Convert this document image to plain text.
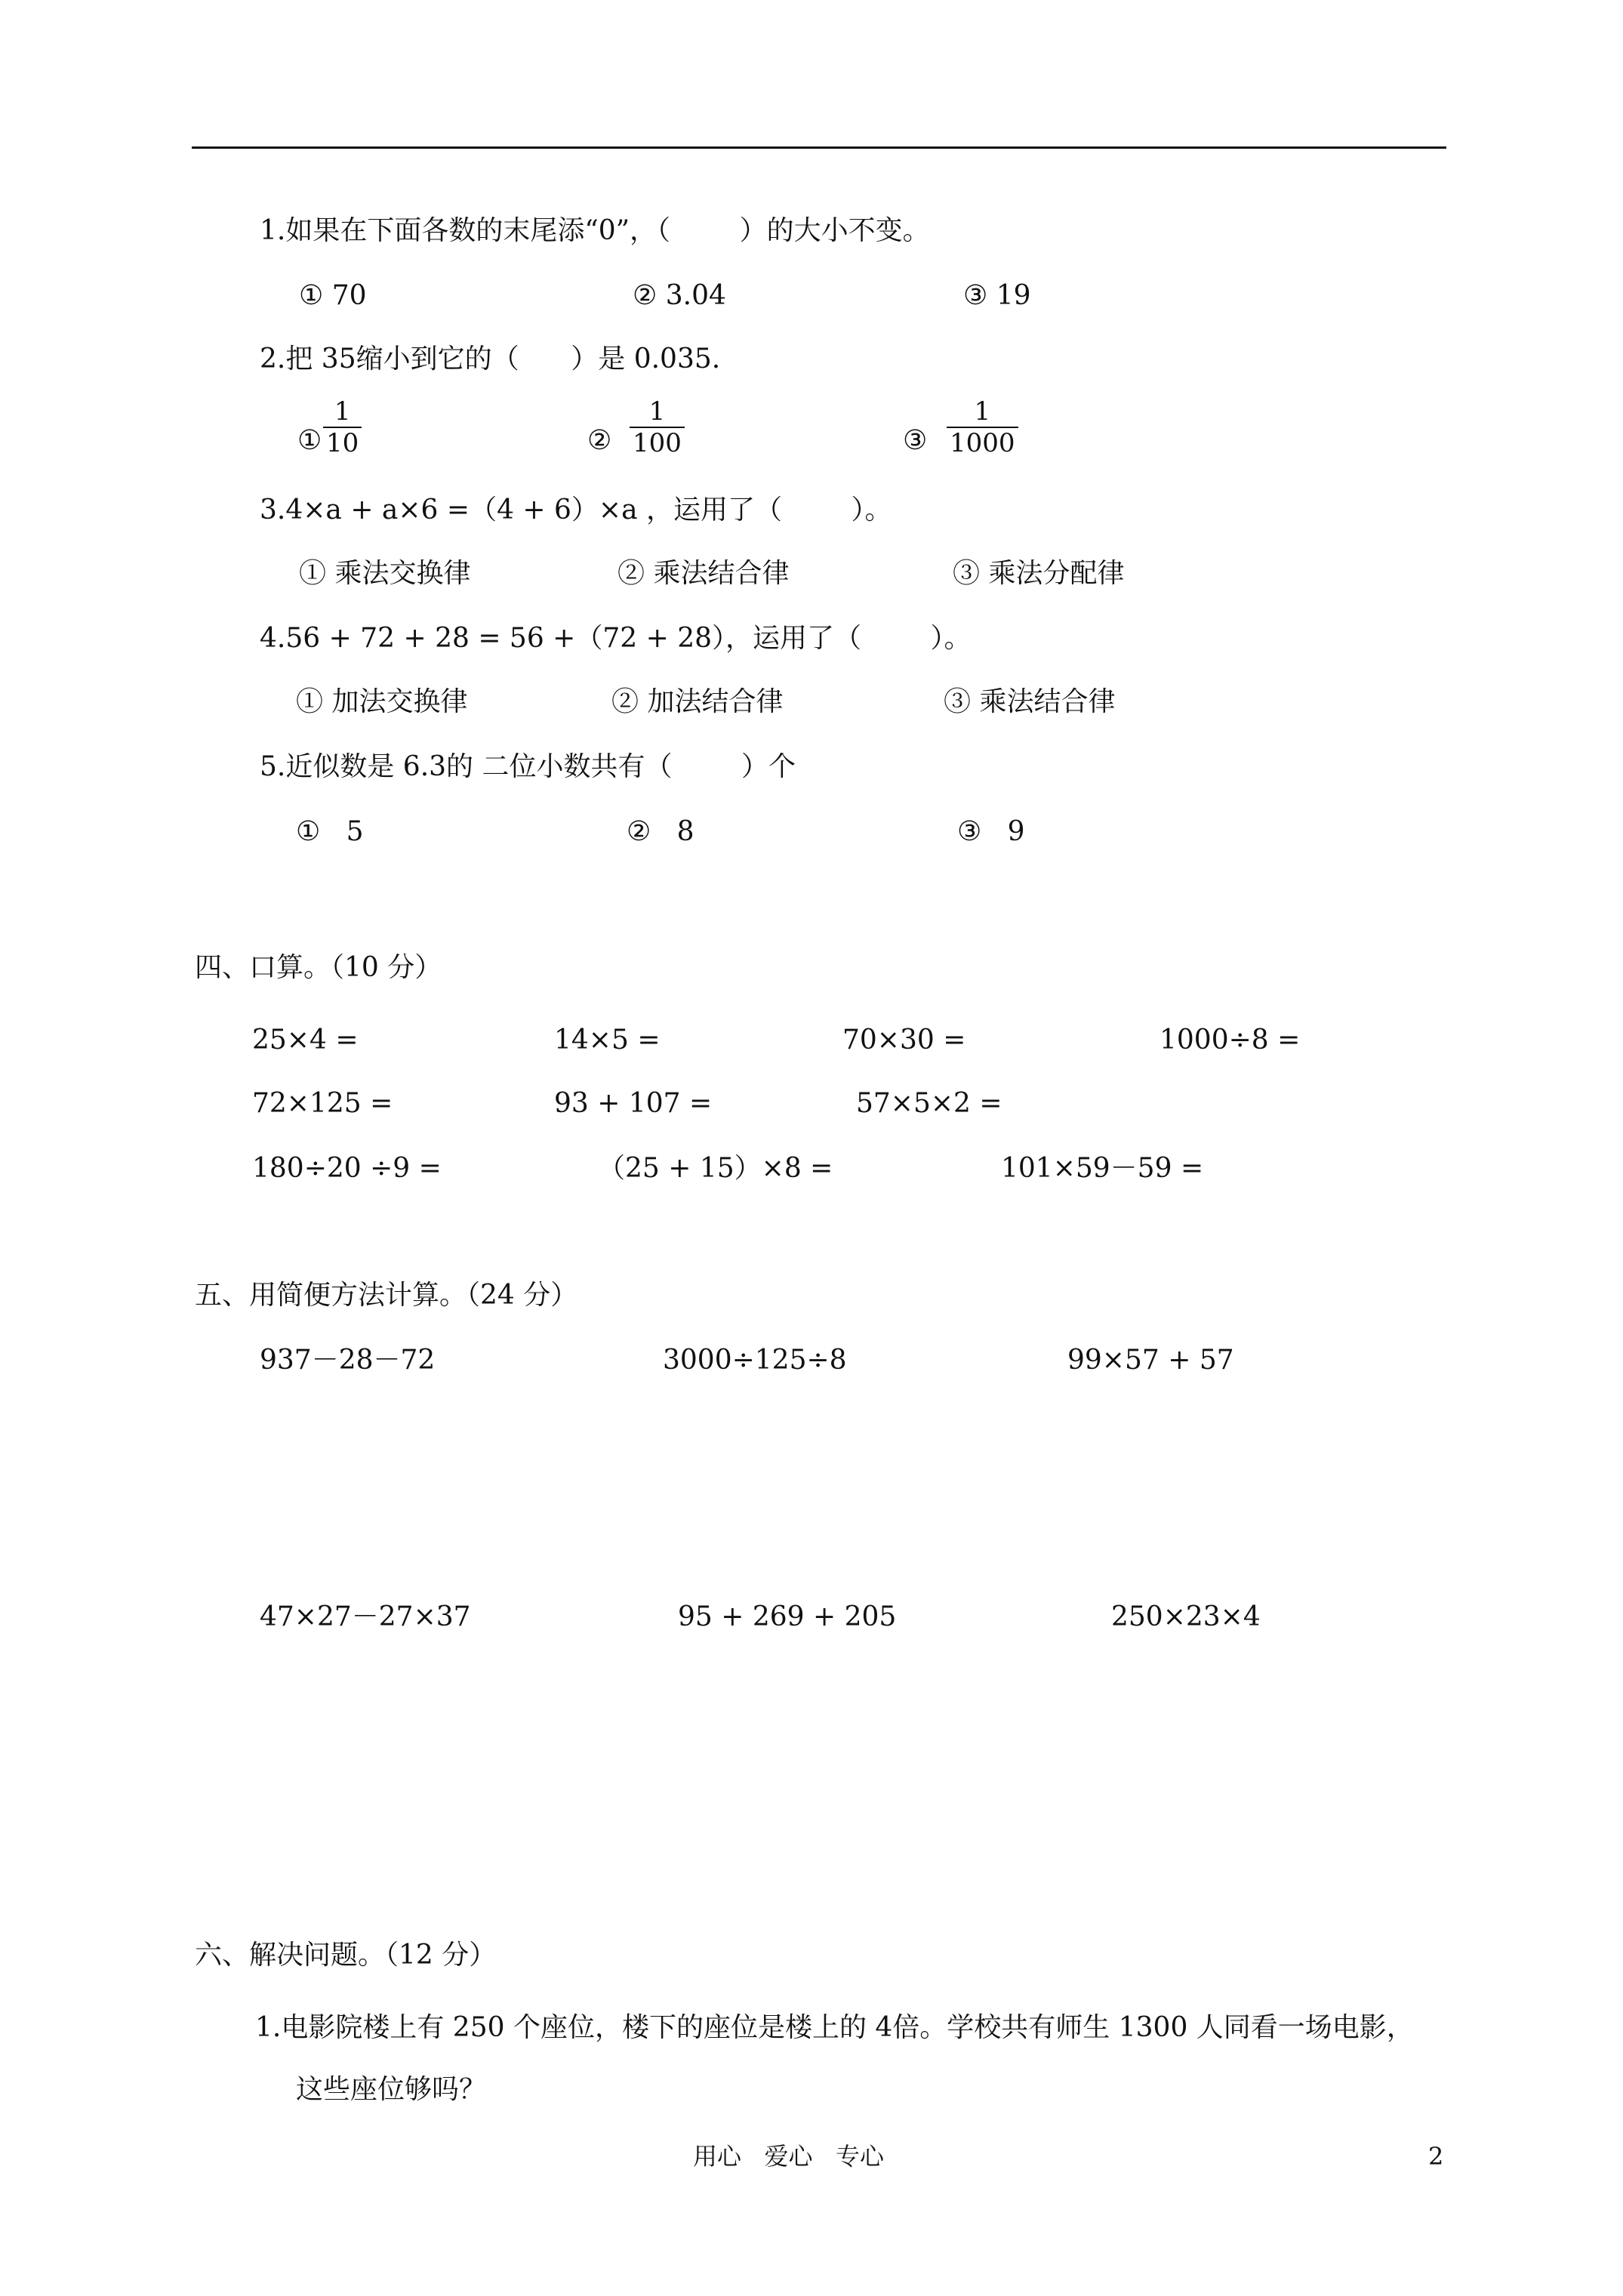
1.如果在下面各数的末尾添“0”，（        ）的大小不变。
① 70	② 3.04	③ 19
2.把 35缩小到它的（      ）是 0.035.
①
1
10	②
1
100	③
1
1000
3.4×a + a×6 =（4 + 6）×a ，运用了（        ）。
① 乘法交换律	② 乘法结合律	③ 乘法分配律
4.56 + 72 + 28 = 56 +（72 + 28），运用了（        ）。
① 加法交换律	② 加法结合律	③ 乘法结合律
5.近似数是 6.3的 二位小数共有（        ）个
①   5	②   8	③   9
四、口算。（10 分）
25×4 =	14×5 =	70×30 =	1000÷8 =
72×125 =	93 + 107 =	57×5×2 =
180÷20 ÷9 =	（25 + 15）×8 =	101×59－59 =
五、用简便方法计算。（24 分）
937－28－72	3000÷125÷8	99×57 + 57
47×27－27×37	95 + 269 + 205	250×23×4
六、解决问题。（12 分）
1.电影院楼上有 250 个座位，楼下的座位是楼上的 4倍。学校共有师生 1300 人同看一场电影，
这些座位够吗？
用心   爱心   专心	2
